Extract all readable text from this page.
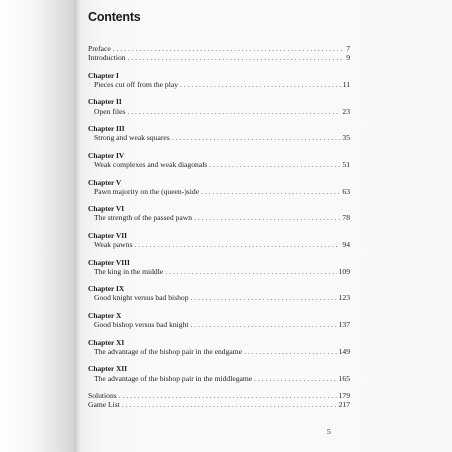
Contents
Preface . . .	7
Introduction . . .	9
Chapter I
Pieces cut off from the play . . .	11
Chapter II
Open files . . .	23
Chapter III
Strong and weak squares . . .	35
Chapter IV
Weak complexes and weak diagonals . . .	51
Chapter V
Pawn majority on the (queen-)side . . .	63
Chapter VI
The strength of the passed pawn . . .	78
Chapter VII
Weak pawns . . .	94
Chapter VIII
The king in the middle . . .	109
Chapter IX
Good knight versus bad bishop . . .	123
Chapter X
Good bishop versus bad knight . . .	137
Chapter XI
The advantage of the bishop pair in the endgame . . .	149
Chapter XII
The advantage of the bishop pair in the middlegame . . .	165
Solutions . . .	179
Game List . . .	217
5
